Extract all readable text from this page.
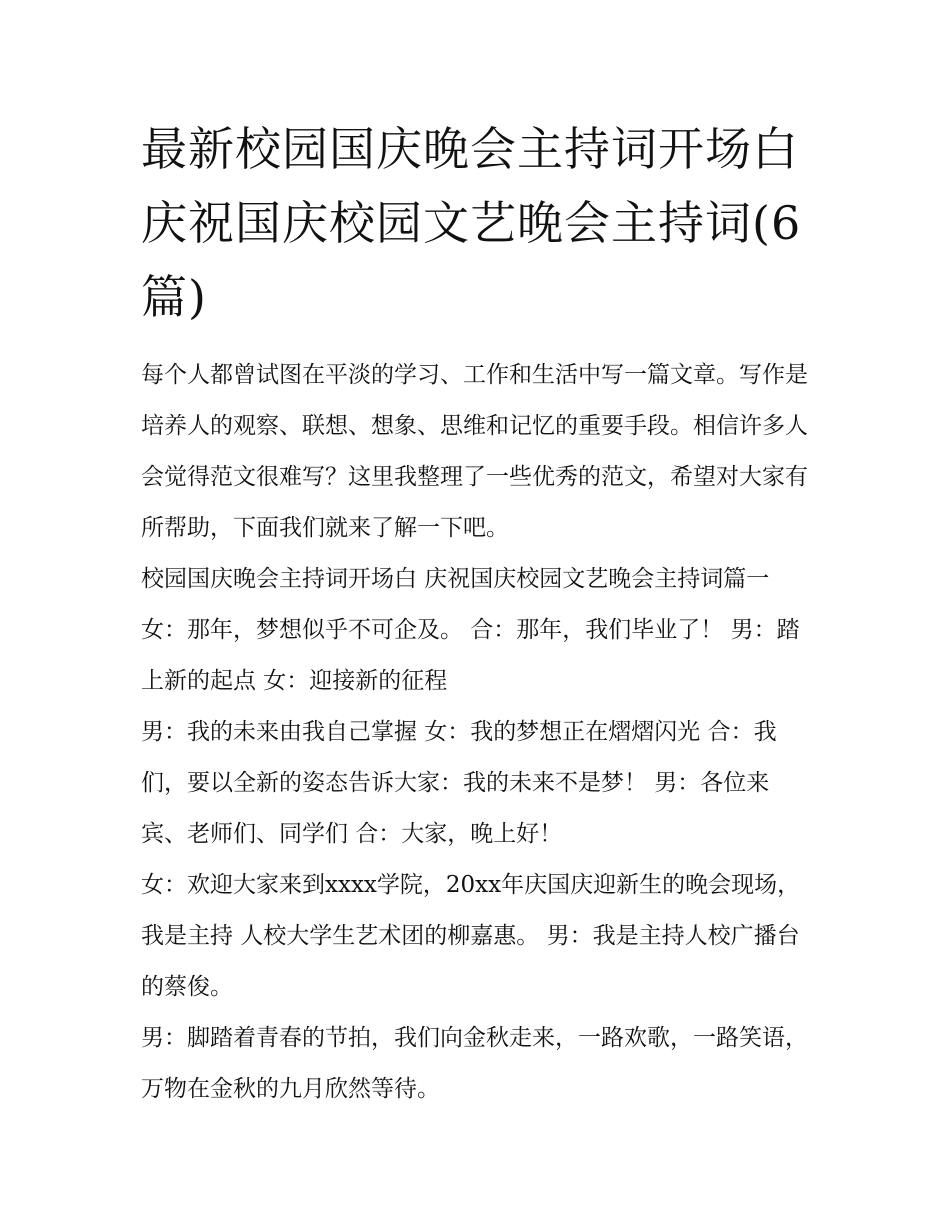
最新校园国庆晚会主持词开场白 庆祝国庆校园文艺晚会主持词(6篇)

每个人都曾试图在平淡的学习、工作和生活中写一篇文章。写作是培养人的观察、联想、想象、思维和记忆的重要手段。相信许多人会觉得范文很难写？这里我整理了一些优秀的范文，希望对大家有所帮助，下面我们就来了解一下吧。

校园国庆晚会主持词开场白 庆祝国庆校园文艺晚会主持词篇一 女：那年，梦想似乎不可企及。 合：那年，我们毕业了！ 男：踏上新的起点 女：迎接新的征程

男：我的未来由我自己掌握 女：我的梦想正在熠熠闪光 合：我们，要以全新的姿态告诉大家：我的未来不是梦！ 男：各位来宾、老师们、同学们 合：大家，晚上好！

女：欢迎大家来到xxxx学院，20xx年庆国庆迎新生的晚会现场，我是主持 人校大学生艺术团的柳嘉惠。 男：我是主持人校广播台的蔡俊。

男：脚踏着青春的节拍，我们向金秋走来，一路欢歌，一路笑语，万物在金秋的九月欣然等待。
